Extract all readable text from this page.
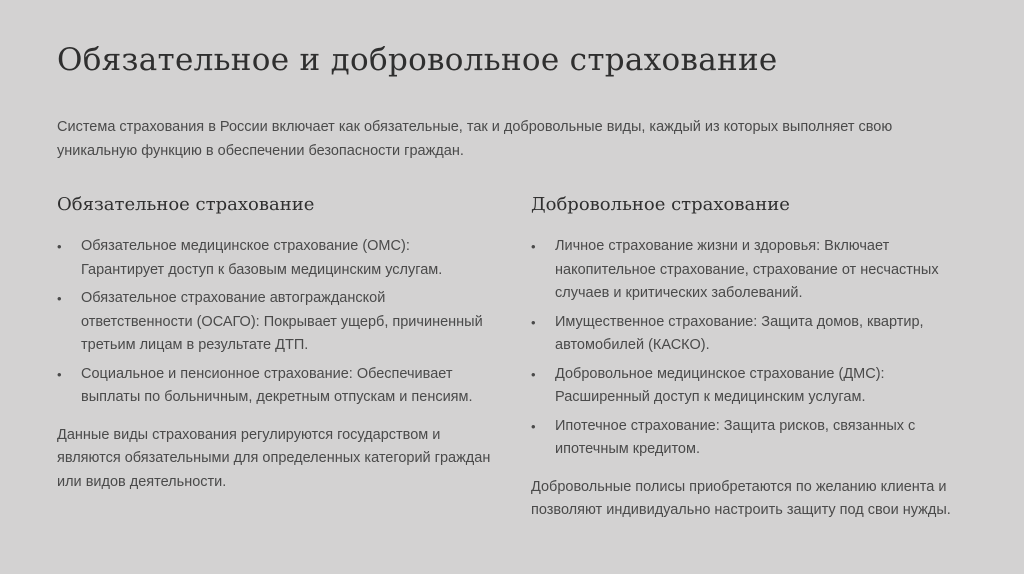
Обязательное и добровольное страхование

Система страхования в России включает как обязательные, так и добровольные виды, каждый из которых выполняет свою уникальную функцию в обеспечении безопасности граждан.

Обязательное страхование
• Обязательное медицинское страхование (ОМС): Гарантирует доступ к базовым медицинским услугам.
• Обязательное страхование автогражданской ответственности (ОСАГО): Покрывает ущерб, причиненный третьим лицам в результате ДТП.
• Социальное и пенсионное страхование: Обеспечивает выплаты по больничным, декретным отпускам и пенсиям.

Данные виды страхования регулируются государством и являются обязательными для определенных категорий граждан или видов деятельности.

Добровольное страхование
• Личное страхование жизни и здоровья: Включает накопительное страхование, страхование от несчастных случаев и критических заболеваний.
• Имущественное страхование: Защита домов, квартир, автомобилей (КАСКО).
• Добровольное медицинское страхование (ДМС): Расширенный доступ к медицинским услугам.
• Ипотечное страхование: Защита рисков, связанных с ипотечным кредитом.

Добровольные полисы приобретаются по желанию клиента и позволяют индивидуально настроить защиту под свои нужды.
